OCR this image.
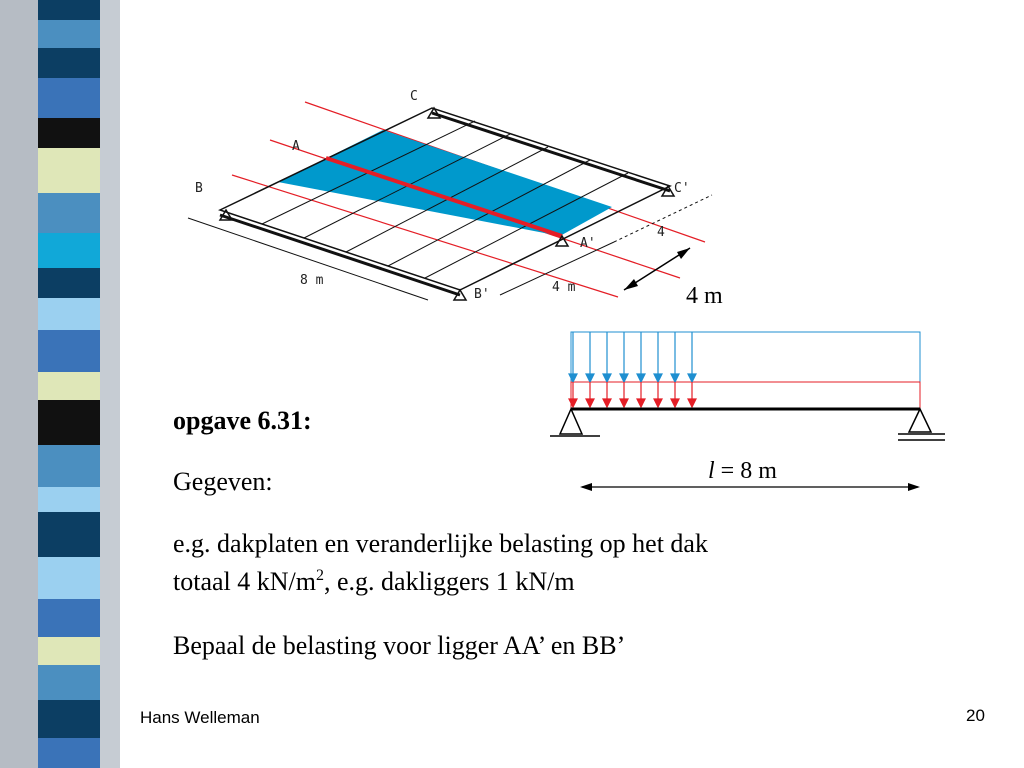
C
A
B	C'
A'
B'
8 m	4 m
4
4 m
l = 8 m
opgave 6.31:
Gegeven:
e.g. dakplaten en veranderlijke belasting op het dak
totaal 4 $kN/m^2$, e.g. dakliggers 1 kN/m
Bepaal de belasting voor ligger AA’ en BB’
Hans Welleman	20
